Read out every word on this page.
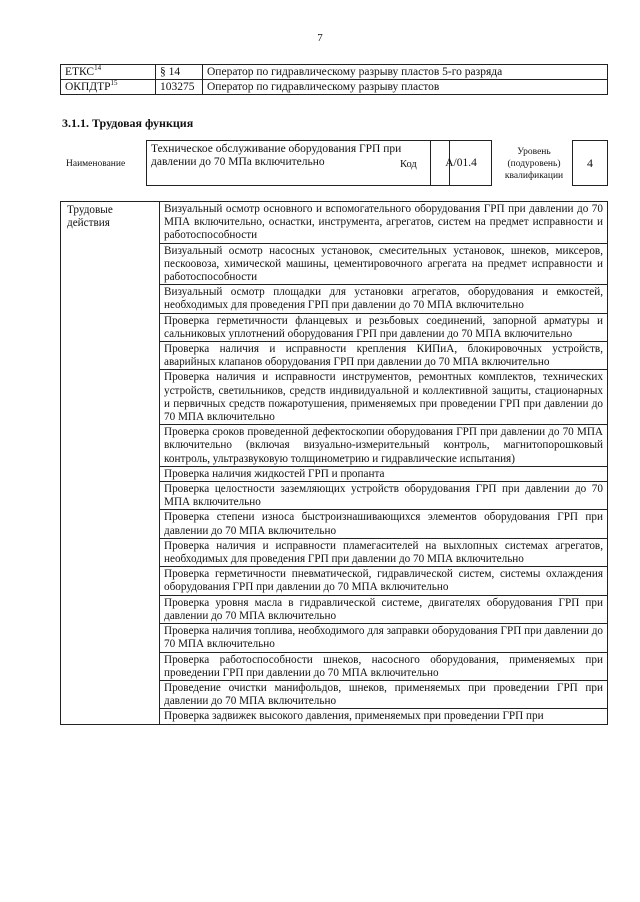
7
ЕТКС$^{14}$	§ 14	Оператор по гидравлическому разрыву пластов 5-го разряда
ОКПДТР$^{15}$	103275	Оператор по гидравлическому разрыву пластов
3.1.1. Трудовая функция
Наименование
Техническое обслуживание оборудования ГРП при давлении до 70 МПа включительно	Код	А/01.4
Уровень (подуровень) квалификации
4
Трудовые действия	Визуальный осмотр основного и вспомогательного оборудования ГРП при давлении до 70 МПА включительно, оснастки, инструмента, агрегатов, систем на предмет исправности и работоспособности
Визуальный осмотр насосных установок, смесительных установок, шнеков, миксеров, пескоовоза, химической машины, цементировочного агрегата на предмет исправности и работоспособности
Визуальный осмотр площадки для установки агрегатов, оборудования и емкостей, необходимых для проведения ГРП при давлении до 70 МПА включительно
Проверка герметичности фланцевых и резьбовых соединений, запорной арматуры и сальниковых уплотнений оборудования ГРП при давлении до 70 МПА включительно
Проверка наличия и исправности крепления КИПиА, блокировочных устройств, аварийных клапанов оборудования ГРП при давлении до 70 МПА включительно
Проверка наличия и исправности инструментов, ремонтных комплектов, технических устройств, светильников, средств индивидуальной и коллективной защиты, стационарных и первичных средств пожаротушения, применяемых при проведении ГРП при давлении до 70 МПА включительно
Проверка сроков проведенной дефектоскопии оборудования ГРП при давлении до 70 МПА включительно (включая визуально-измерительный контроль, магнитопорошковый контроль, ультразвуковую толщинометрию и гидравлические испытания)
Проверка наличия жидкостей ГРП и пропанта
Проверка целостности заземляющих устройств оборудования ГРП при давлении до 70 МПА включительно
Проверка степени износа быстроизнашивающихся элементов оборудования ГРП при давлении до 70 МПА включительно
Проверка наличия и исправности пламегасителей на выхлопных системах агрегатов, необходимых для проведения ГРП при давлении до 70 МПА включительно
Проверка герметичности пневматической, гидравлической систем, системы охлаждения оборудования ГРП при давлении до 70 МПА включительно
Проверка уровня масла в гидравлической системе, двигателях оборудования ГРП при давлении до 70 МПА включительно
Проверка наличия топлива, необходимого для заправки оборудования ГРП при давлении до 70 МПА включительно
Проверка работоспособности шнеков, насосного оборудования, применяемых при проведении ГРП при давлении до 70 МПА включительно
Проведение очистки манифольдов, шнеков, применяемых при проведении ГРП при давлении до 70 МПА включительно
Проверка задвижек высокого давления, применяемых при проведении ГРП при
